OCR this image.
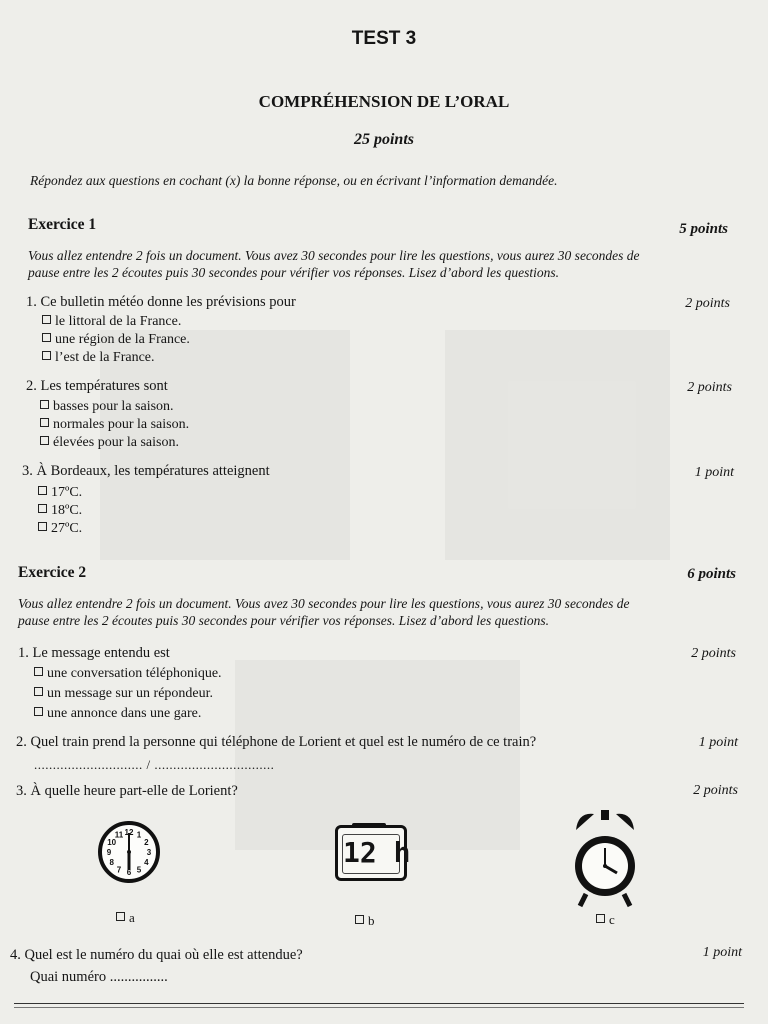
TEST 3
COMPRÉHENSION DE L’ORAL
25 points
Répondez aux questions en cochant (x) la bonne réponse, ou en écrivant l’information demandée.
Exercice 1	5 points
Vous allez entendre 2 fois un document. Vous avez 30 secondes pour lire les questions, vous aurez 30 secondes de
pause entre les 2 écoutes puis 30 secondes pour vérifier vos réponses. Lisez d’abord les questions.
1. Ce bulletin météo donne les prévisions pour	2 points
le littoral de la France.
une région de la France.
l’est de la France.
2. Les températures sont	2 points
basses pour la saison.
normales pour la saison.
élevées pour la saison.
3. À Bordeaux, les températures atteignent	1 point
17ºC.
18ºC.
27ºC.
Exercice 2	6 points
Vous allez entendre 2 fois un document. Vous avez 30 secondes pour lire les questions, vous aurez 30 secondes de
pause entre les 2 écoutes puis 30 secondes pour vérifier vos réponses. Lisez d’abord les questions.
1. Le message entendu est	2 points
une conversation téléphonique.
un message sur un répondeur.
une annonce dans une gare.
2. Quel train prend la personne qui téléphone de Lorient et quel est le numéro de ce train?	1 point
............................. / ................................
3. À quelle heure part-elle de Lorient?	2 points
12 1
2
3
4
5
6
7
8
9
10
11
a
12 h
b	c
4. Quel est le numéro du quai où elle est attendue?	1 point
Quai numéro ................
